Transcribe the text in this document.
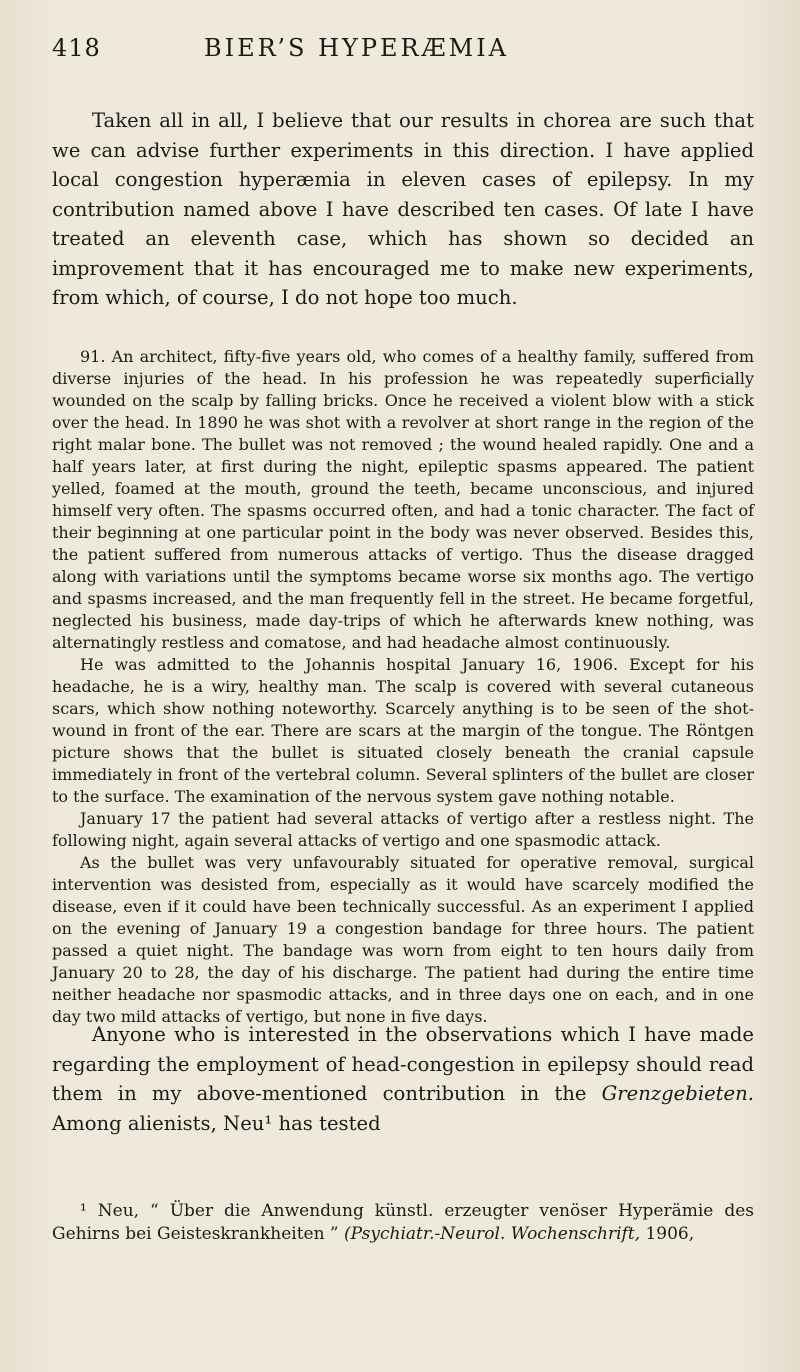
418	BIER’S HYPERÆMIA

Taken all in all, I believe that our results in chorea are such that we can advise further experiments in this direction. I have applied local congestion hyperæmia in eleven cases of epilepsy. In my contribution named above I have described ten cases. Of late I have treated an eleventh case, which has shown so decided an improvement that it has encouraged me to make new experiments, from which, of course, I do not hope too much.

91. An architect, fifty-five years old, who comes of a healthy family, suffered from diverse injuries of the head. In his profession he was repeatedly superficially wounded on the scalp by falling bricks. Once he received a violent blow with a stick over the head. In 1890 he was shot with a revolver at short range in the region of the right malar bone. The bullet was not removed ; the wound healed rapidly. One and a half years later, at first during the night, epileptic spasms appeared. The patient yelled, foamed at the mouth, ground the teeth, became unconscious, and injured himself very often. The spasms occurred often, and had a tonic character. The fact of their beginning at one particular point in the body was never observed. Besides this, the patient suffered from numerous attacks of vertigo. Thus the disease dragged along with variations until the symptoms became worse six months ago. The vertigo and spasms increased, and the man frequently fell in the street. He became forgetful, neglected his business, made day-trips of which he afterwards knew nothing, was alternatingly restless and comatose, and had headache almost continuously.

He was admitted to the Johannis hospital January 16, 1906. Except for his headache, he is a wiry, healthy man. The scalp is covered with several cutaneous scars, which show nothing noteworthy. Scarcely anything is to be seen of the shot-wound in front of the ear. There are scars at the margin of the tongue. The Röntgen picture shows that the bullet is situated closely beneath the cranial capsule immediately in front of the vertebral column. Several splinters of the bullet are closer to the surface. The examination of the nervous system gave nothing notable.

January 17 the patient had several attacks of vertigo after a restless night. The following night, again several attacks of vertigo and one spasmodic attack.

As the bullet was very unfavourably situated for operative removal, surgical intervention was desisted from, especially as it would have scarcely modified the disease, even if it could have been technically successful. As an experiment I applied on the evening of January 19 a congestion bandage for three hours. The patient passed a quiet night. The bandage was worn from eight to ten hours daily from January 20 to 28, the day of his discharge. The patient had during the entire time neither headache nor spasmodic attacks, and in three days one on each, and in one day two mild attacks of vertigo, but none in five days.

Anyone who is interested in the observations which I have made regarding the employment of head-congestion in epilepsy should read them in my above-mentioned contribution in the Grenzgebieten. Among alienists, Neu¹ has tested

¹ Neu, “ Über die Anwendung künstl. erzeugter venöser Hyperämie des Gehirns bei Geisteskrankheiten ” (Psychiatr.-Neurol. Wochenschrift, 1906,
